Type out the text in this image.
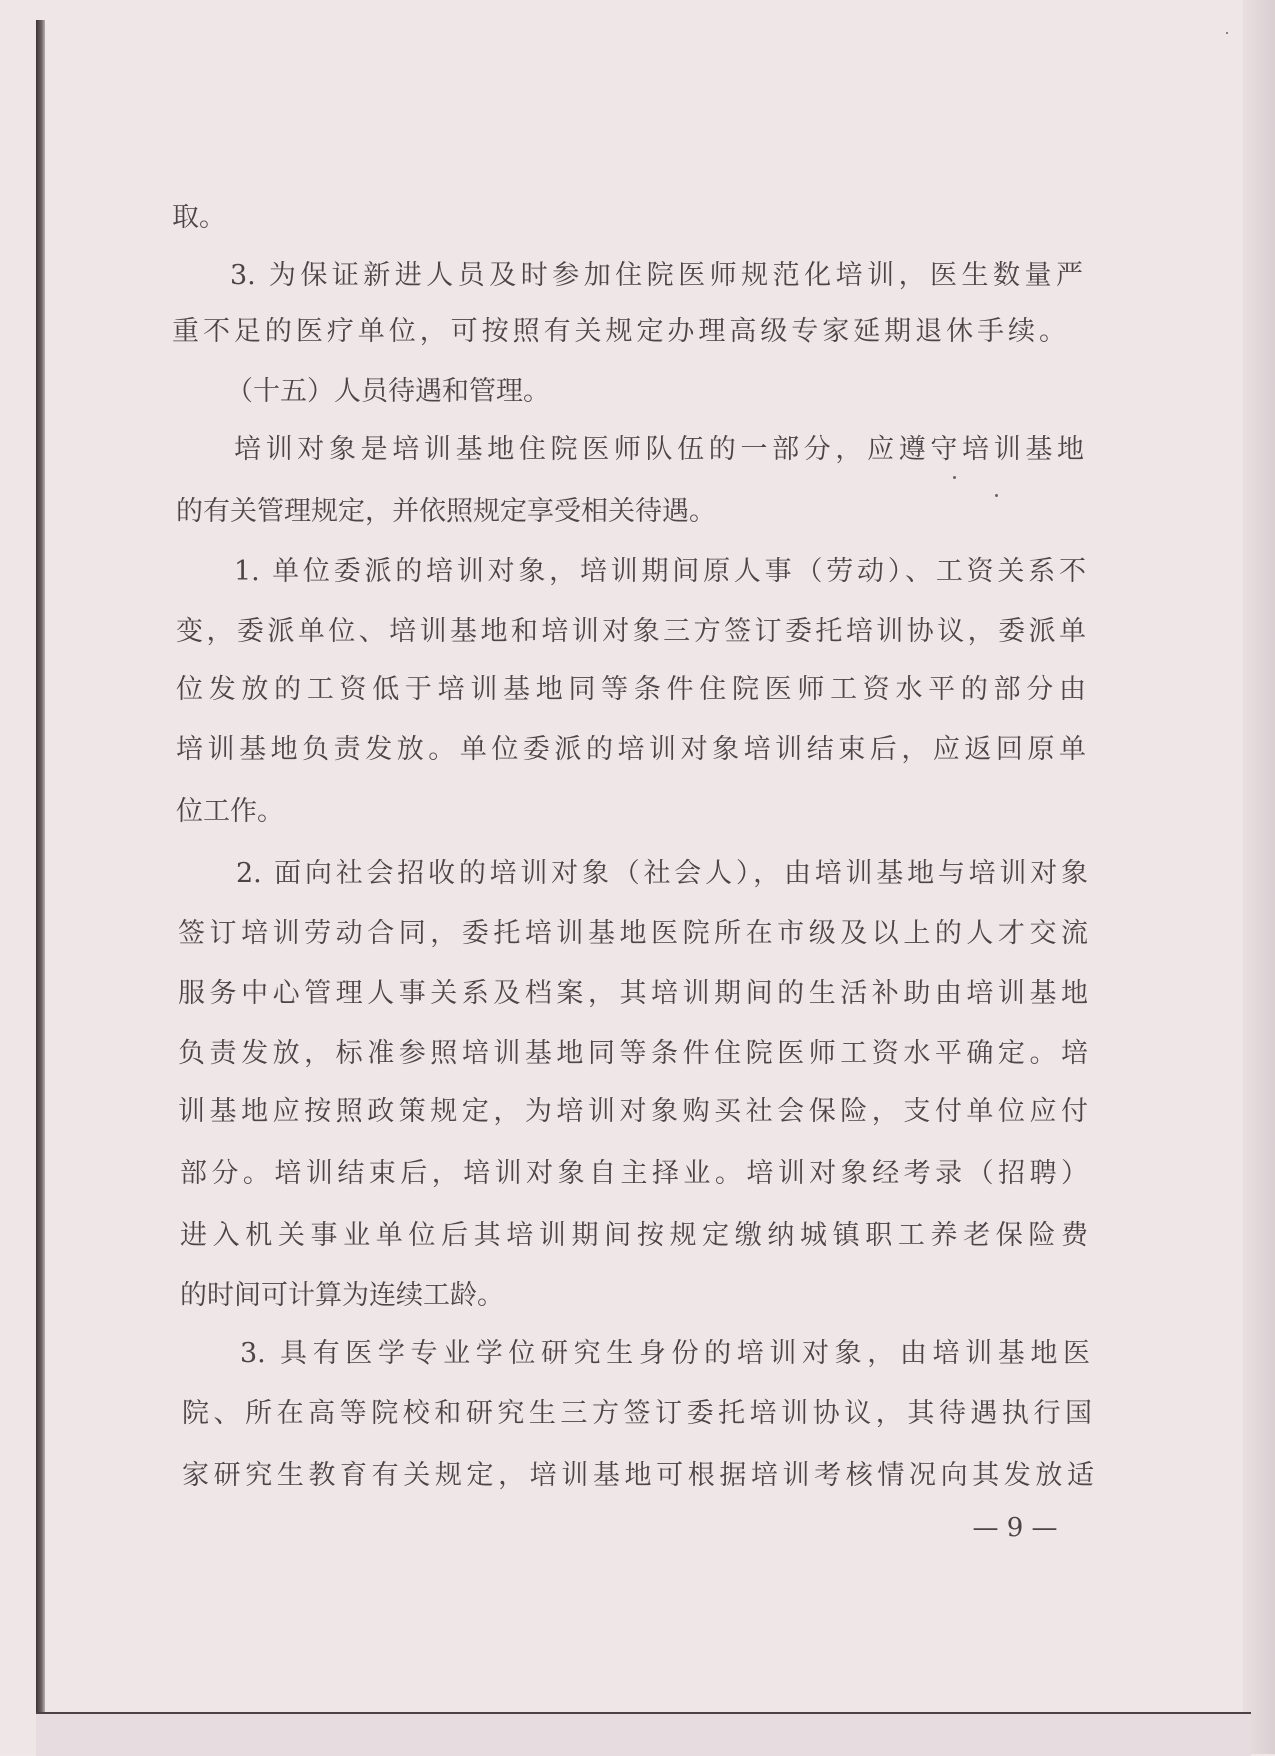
取。
3. 为保证新进人员及时参加住院医师规范化培训，医生数量严
重不足的医疗单位，可按照有关规定办理高级专家延期退休手续。
（十五）人员待遇和管理。
培训对象是培训基地住院医师队伍的一部分，应遵守培训基地
的有关管理规定，并依照规定享受相关待遇。
1. 单位委派的培训对象，培训期间原人事（劳动）、工资关系不
变，委派单位、培训基地和培训对象三方签订委托培训协议，委派单
位发放的工资低于培训基地同等条件住院医师工资水平的部分由
培训基地负责发放。单位委派的培训对象培训结束后，应返回原单
位工作。
2. 面向社会招收的培训对象（社会人），由培训基地与培训对象
签订培训劳动合同，委托培训基地医院所在市级及以上的人才交流
服务中心管理人事关系及档案，其培训期间的生活补助由培训基地
负责发放，标准参照培训基地同等条件住院医师工资水平确定。培
训基地应按照政策规定，为培训对象购买社会保险，支付单位应付
部分。培训结束后，培训对象自主择业。培训对象经考录（招聘）
进入机关事业单位后其培训期间按规定缴纳城镇职工养老保险费
的时间可计算为连续工龄。
3. 具有医学专业学位研究生身份的培训对象，由培训基地医
院、所在高等院校和研究生三方签订委托培训协议，其待遇执行国
家研究生教育有关规定，培训基地可根据培训考核情况向其发放适
— 9 —
